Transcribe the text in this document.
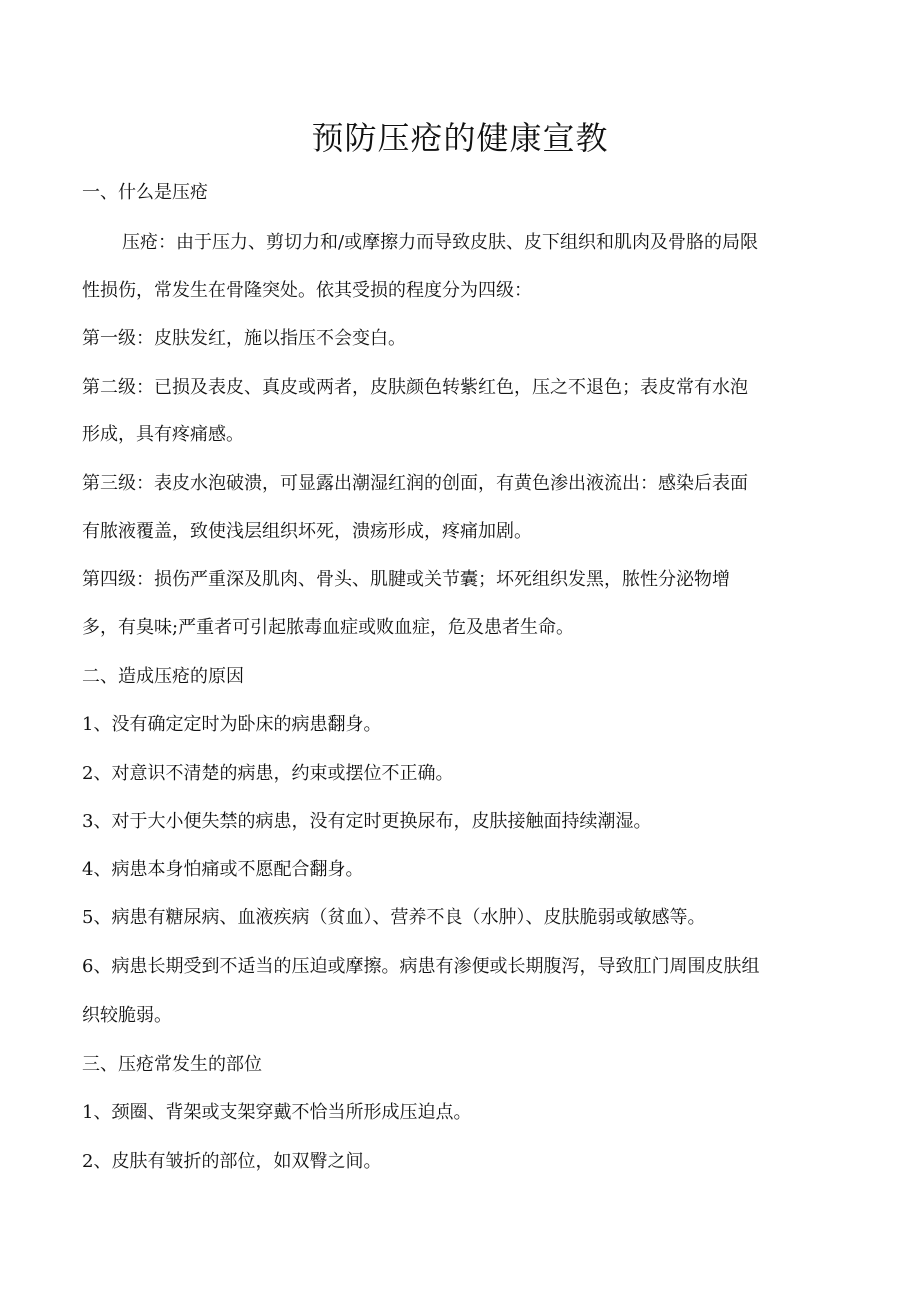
预防压疮的健康宣教

一、什么是压疮

压疮：由于压力、剪切力和/或摩擦力而导致皮肤、皮下组织和肌肉及骨胳的局限

性损伤，常发生在骨隆突处。依其受损的程度分为四级：

第一级：皮肤发红，施以指压不会变白。

第二级：已损及表皮、真皮或两者，皮肤颜色转紫红色，压之不退色；表皮常有水泡

形成，具有疼痛感。

第三级：表皮水泡破溃，可显露出潮湿红润的创面，有黄色渗出液流出：感染后表面

有脓液覆盖，致使浅层组织坏死，溃疡形成，疼痛加剧。

第四级：损伤严重深及肌肉、骨头、肌腱或关节囊；坏死组织发黑，脓性分泌物增

多，有臭味;严重者可引起脓毒血症或败血症，危及患者生命。

二、造成压疮的原因

1、没有确定定时为卧床的病患翻身。

2、对意识不清楚的病患，约束或摆位不正确。

3、对于大小便失禁的病患，没有定时更换尿布，皮肤接触面持续潮湿。

4、病患本身怕痛或不愿配合翻身。

5、病患有糖尿病、血液疾病（贫血）、营养不良（水肿）、皮肤脆弱或敏感等。

6、病患长期受到不适当的压迫或摩擦。病患有渗便或长期腹泻，导致肛门周围皮肤组

织较脆弱。

三、压疮常发生的部位

1、颈圈、背架或支架穿戴不恰当所形成压迫点。

2、皮肤有皱折的部位，如双臀之间。
